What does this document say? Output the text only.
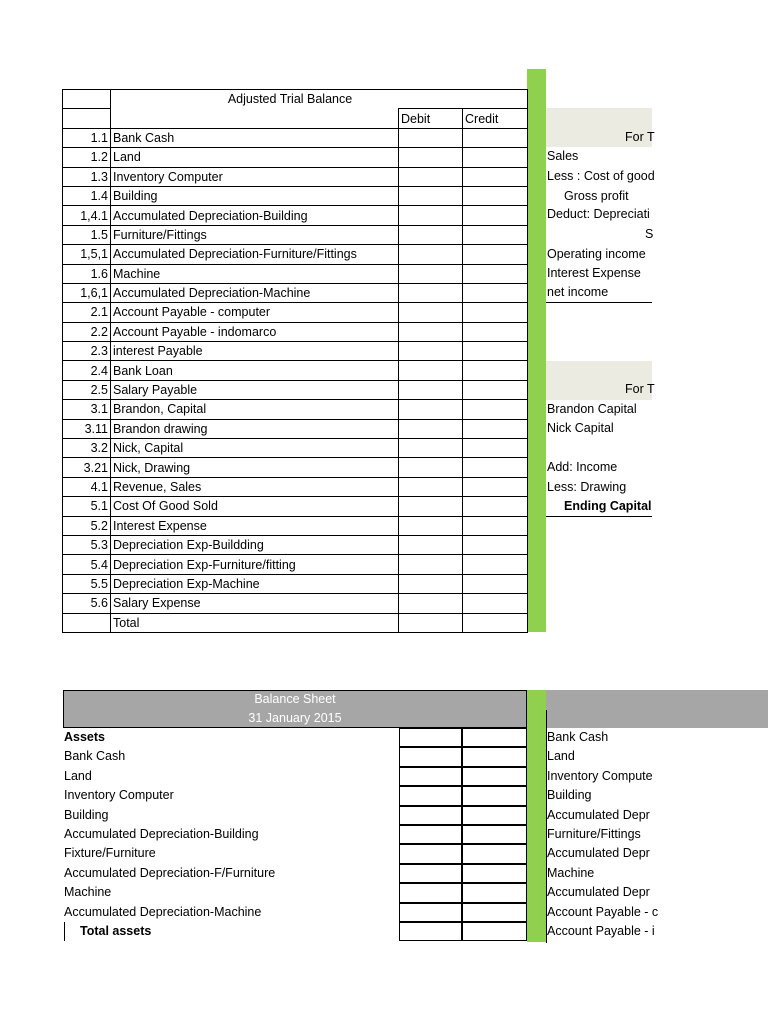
	Adjusted Trial Balance		
		Debit	Credit
1.1	Bank Cash		
1.2	Land		
1.3	Inventory Computer		
1.4	Building		
1,4.1	Accumulated Depreciation-Building		
1.5	Furniture/Fittings		
1,5,1	Accumulated Depreciation-Furniture/Fittings		
1.6	Machine		
1,6,1	Accumulated Depreciation-Machine		
2.1	Account Payable - computer		
2.2	Account Payable - indomarco		
2.3	interest Payable		
2.4	Bank Loan		
2.5	Salary Payable		
3.1	Brandon, Capital		
3.11	Brandon drawing		
3.2	Nick, Capital		
3.21	Nick, Drawing		
4.1	Revenue, Sales		
5.1	Cost Of Good Sold		
5.2	Interest Expense		
5.3	Depreciation Exp-Buildding		
5.4	Depreciation Exp-Furniture/fitting		
5.5	Depreciation Exp-Machine		
5.6	Salary Expense		
	Total		
For T
Sales
Less : Cost of good
Gross profit
Deduct: Depreciati
S
Operating income
Interest Expense
net income
For T
Brandon Capital
Nick Capital
Add: Income
Less: Drawing
Ending Capital
Balance Sheet
31 January 2015
Assets
Bank Cash
Land
Inventory Computer
Building
Accumulated Depreciation-Building
Fixture/Furniture
Accumulated Depreciation-F/Furniture
Machine
Accumulated Depreciation-Machine
Total assets
Bank Cash
Land
Inventory Compute
Building
Accumulated Depr
Furniture/Fittings
Accumulated Depr
Machine
Accumulated Depr
Account Payable - c
Account Payable - i
